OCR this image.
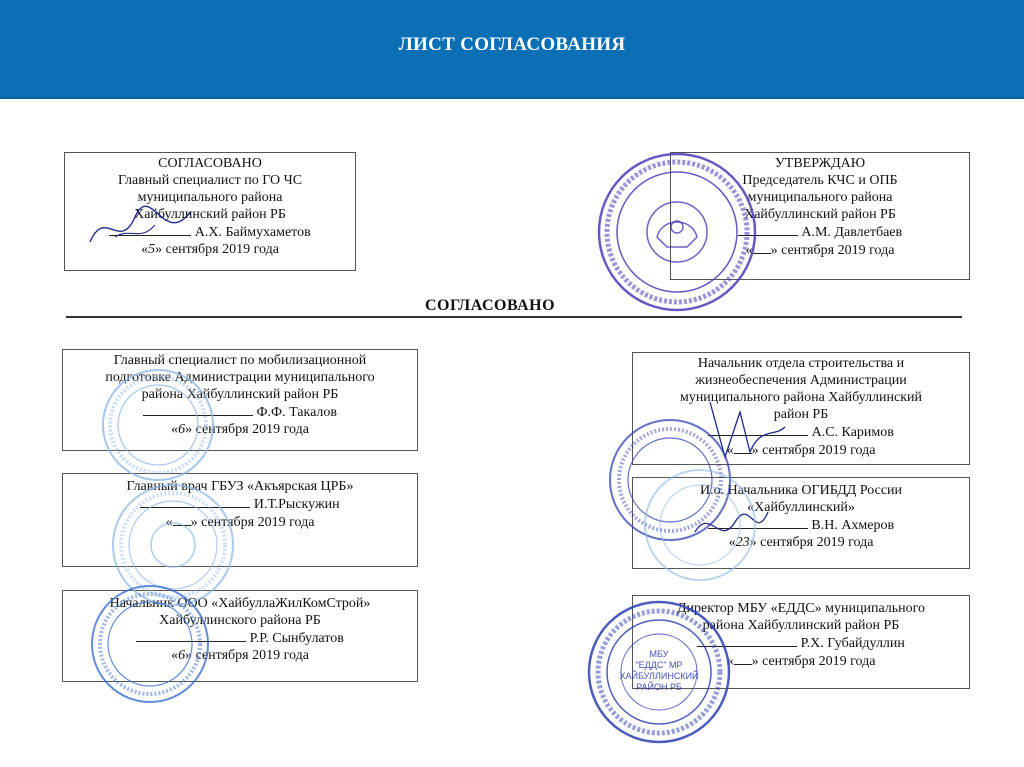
ЛИСТ СОГЛАСОВАНИЯ
СОГЛАСОВАНО
Главный специалист по ГО ЧС
муниципального района
Хайбуллинский район РБ
А.Х. Баймухаметов
«5» сентября 2019 года
УТВЕРЖДАЮ
Председатель КЧС и ОПБ
муниципального района
Хайбуллинский район РБ
А.М. Давлетбаев
« » сентября 2019 года
СОГЛАСОВАНО
Главный специалист по мобилизационной
подготовке Администрации муниципального
района Хайбуллинский район РБ
Ф.Ф. Такалов
«6» сентября 2019 года
Начальник отдела строительства и
жизнеобеспечения Администрации
муниципального района Хайбуллинский
район РБ
А.С. Каримов
« » сентября 2019 года
Главный врач ГБУЗ «Акъярская ЦРБ»
И.Т.Рыскужин
« » сентября 2019 года
И.о. Начальника ОГИБДД России
«Хайбуллинский»
В.Н. Ахмеров
«23» сентября 2019 года
Начальник ООО «ХайбуллаЖилКомСтрой»
Хайбуллинского района РБ
Р.Р. Сынбулатов
«6» сентября 2019 года
Директор МБУ «ЕДДС» муниципального
района Хайбуллинский район РБ
Р.Х. Губайдуллин
« » сентября 2019 года
МБУ
"ЕДДС" МР
ХАЙБУЛЛИНСКИЙ
РАЙОН РБ
